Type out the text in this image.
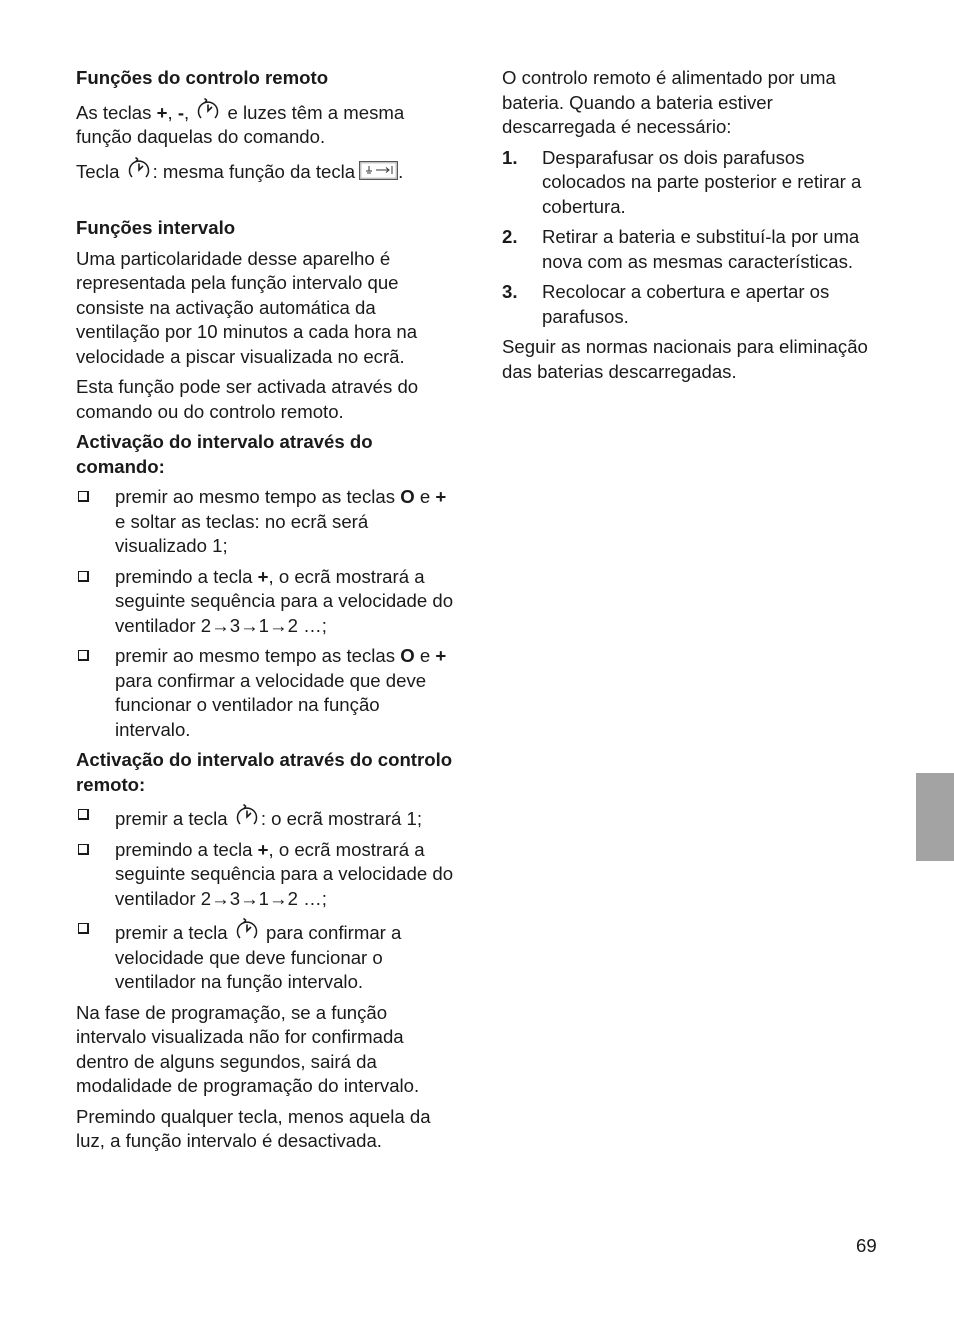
Funções do controlo remoto

As teclas +, -,  e luzes têm a mesma função daquelas do comando.

Tecla : mesma função da tecla .

Funções intervalo

Uma particolaridade desse aparelho é representada pela função intervalo que consiste na activação automática da ventilação por 10 minutos a cada hora na velocidade a piscar visualizada no ecrã.

Esta função pode ser activada através do comando ou do controlo remoto.

Activação do intervalo através do comando:
premir ao mesmo tempo as teclas O e + e soltar as teclas: no ecrã será visualizado 1;
premindo a tecla +, o ecrã mostrará a seguinte sequência para a velocidade do ventilador 2→3→1→2 …;
premir ao mesmo tempo as teclas O e + para confirmar a velocidade que deve funcionar o ventilador na função intervalo.
Activação do intervalo através do controlo remoto:
premir a tecla : o ecrã mostrará 1;
premindo a tecla +, o ecrã mostrará a seguinte sequência para a velocidade do ventilador 2→3→1→2 …;
premir a tecla  para confirmar a velocidade que deve funcionar o ventilador na função intervalo.

Na fase de programação, se a função intervalo visualizada não for confirmada dentro de alguns segundos, sairá da modalidade de programação do intervalo.

Premindo qualquer tecla, menos aquela da luz, a função intervalo é desactivada.

O controlo remoto é alimentado por uma bateria. Quando a bateria estiver descarregada é necessário:

1. Desparafusar os dois parafusos colocados na parte posterior e retirar a cobertura.
2. Retirar a bateria e substituí-la por uma nova com as mesmas características.
3. Recolocar a cobertura e apertar os parafusos.

Seguir as normas nacionais para eliminação das baterias descarregadas.

69
